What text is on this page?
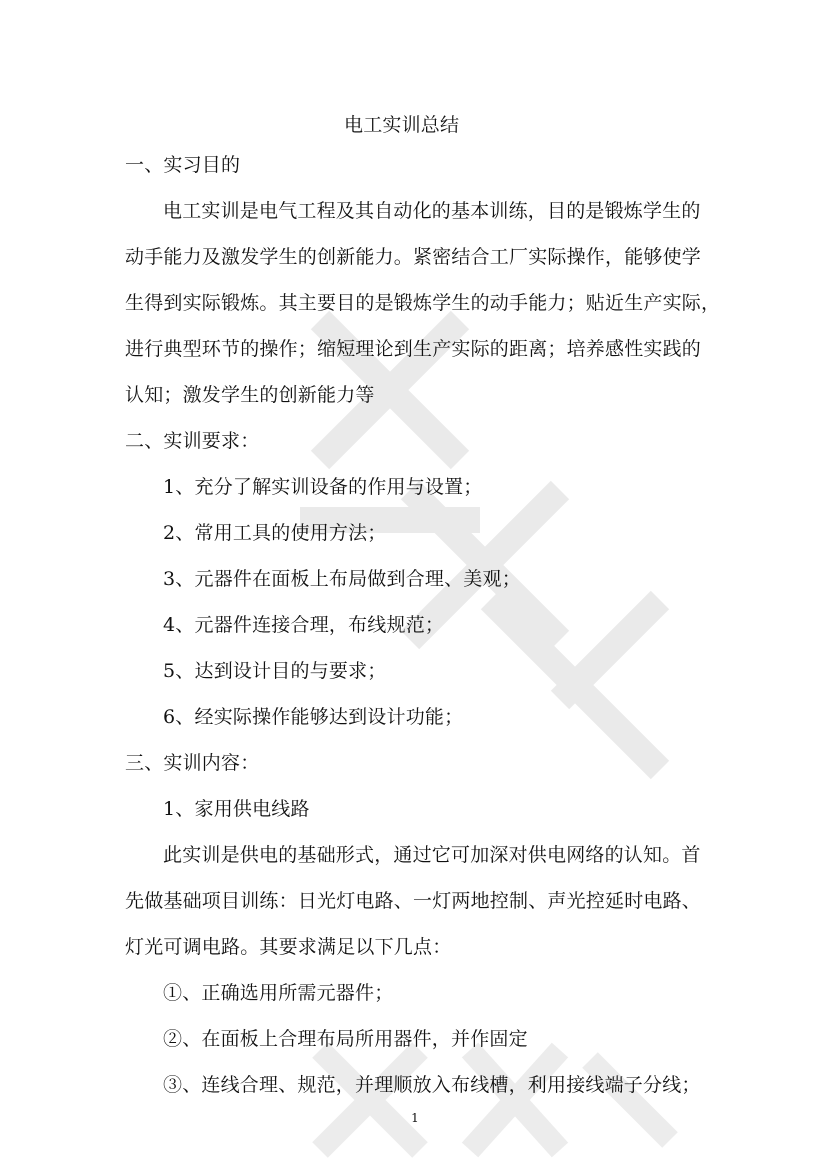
电工实训总结
一、实习目的
电工实训是电气工程及其自动化的基本训练，目的是锻炼学生的
动手能力及激发学生的创新能力。紧密结合工厂实际操作，能够使学
生得到实际锻炼。其主要目的是锻炼学生的动手能力；贴近生产实际，
进行典型环节的操作；缩短理论到生产实际的距离；培养感性实践的
认知；激发学生的创新能力等
二、实训要求：
1、充分了解实训设备的作用与设置；
2、常用工具的使用方法；
3、元器件在面板上布局做到合理、美观；
4、元器件连接合理，布线规范；
5、达到设计目的与要求；
6、经实际操作能够达到设计功能；
三、实训内容：
1、家用供电线路
此实训是供电的基础形式，通过它可加深对供电网络的认知。首
先做基础项目训练：日光灯电路、一灯两地控制、声光控延时电路、
灯光可调电路。其要求满足以下几点：
①、正确选用所需元器件；
②、在面板上合理布局所用器件，并作固定
③、连线合理、规范，并理顺放入布线槽，利用接线端子分线；
1
